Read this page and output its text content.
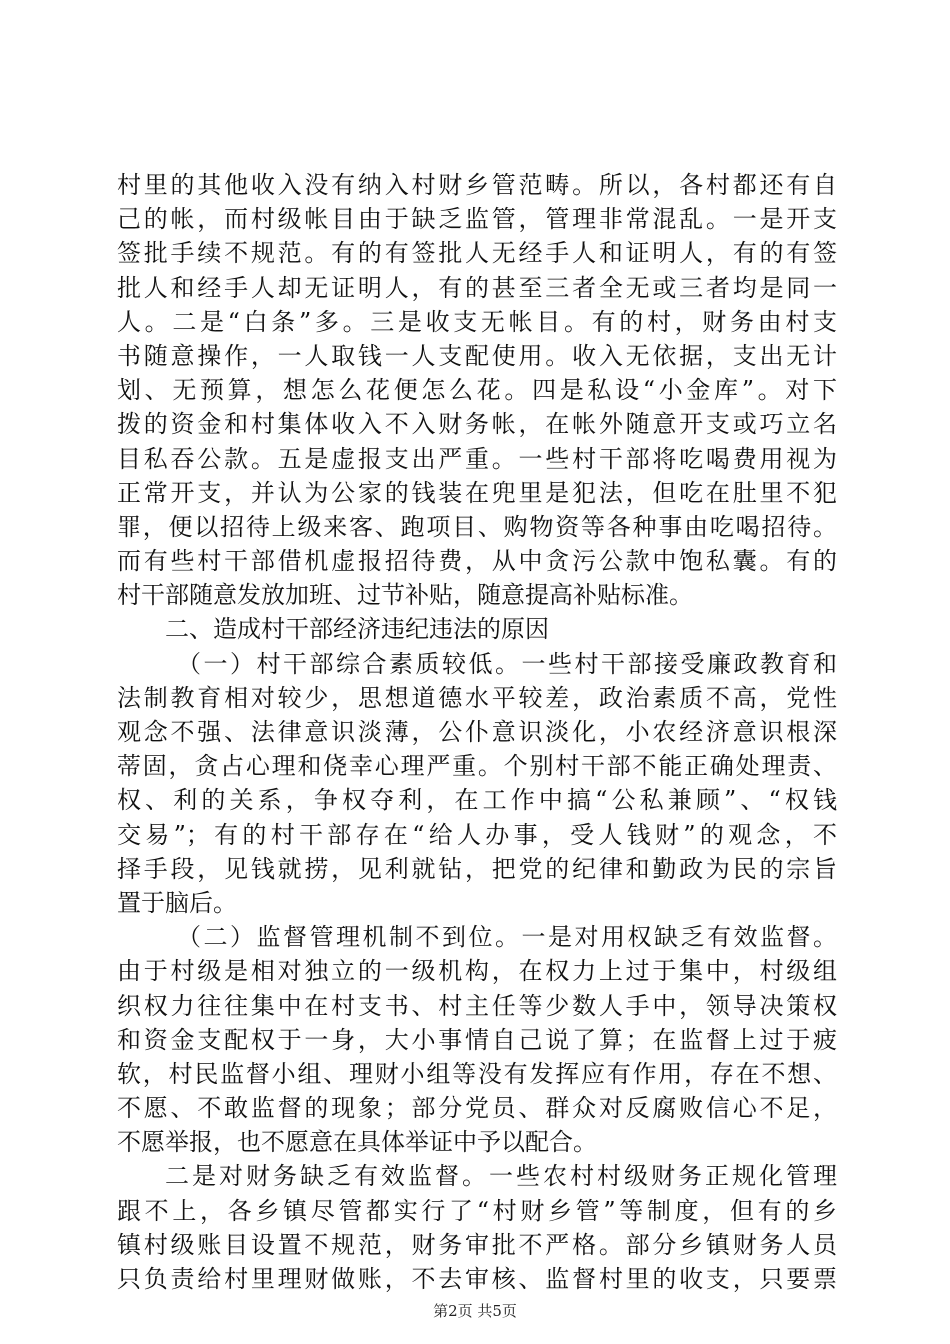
村里的其他收入没有纳入村财乡管范畴。所以，各村都还有自
己的帐，而村级帐目由于缺乏监管，管理非常混乱。一是开支
签批手续不规范。有的有签批人无经手人和证明人，有的有签
批人和经手人却无证明人，有的甚至三者全无或三者均是同一
人。二是“白条”多。三是收支无帐目。有的村，财务由村支
书随意操作，一人取钱一人支配使用。收入无依据，支出无计
划、无预算，想怎么花便怎么花。四是私设“小金库”。对下
拨的资金和村集体收入不入财务帐，在帐外随意开支或巧立名
目私吞公款。五是虚报支出严重。一些村干部将吃喝费用视为
正常开支，并认为公家的钱装在兜里是犯法，但吃在肚里不犯
罪，便以招待上级来客、跑项目、购物资等各种事由吃喝招待。
而有些村干部借机虚报招待费，从中贪污公款中饱私囊。有的
村干部随意发放加班、过节补贴，随意提高补贴标准。
二、造成村干部经济违纪违法的原因
（一）村干部综合素质较低。一些村干部接受廉政教育和
法制教育相对较少，思想道德水平较差，政治素质不高，党性
观念不强、法律意识淡薄，公仆意识淡化，小农经济意识根深
蒂固，贪占心理和侥幸心理严重。个别村干部不能正确处理责、
权、利的关系，争权夺利，在工作中搞“公私兼顾”、“权钱
交易”；有的村干部存在“给人办事，受人钱财”的观念，不
择手段，见钱就捞，见利就钻，把党的纪律和勤政为民的宗旨
置于脑后。
（二）监督管理机制不到位。一是对用权缺乏有效监督。
由于村级是相对独立的一级机构，在权力上过于集中，村级组
织权力往往集中在村支书、村主任等少数人手中，领导决策权
和资金支配权于一身，大小事情自己说了算；在监督上过于疲
软，村民监督小组、理财小组等没有发挥应有作用，存在不想、
不愿、不敢监督的现象；部分党员、群众对反腐败信心不足，
不愿举报，也不愿意在具体举证中予以配合。
二是对财务缺乏有效监督。一些农村村级财务正规化管理
跟不上，各乡镇尽管都实行了“村财乡管”等制度，但有的乡
镇村级账目设置不规范，财务审批不严格。部分乡镇财务人员
只负责给村里理财做账，不去审核、监督村里的收支，只要票
第2页 共5页
